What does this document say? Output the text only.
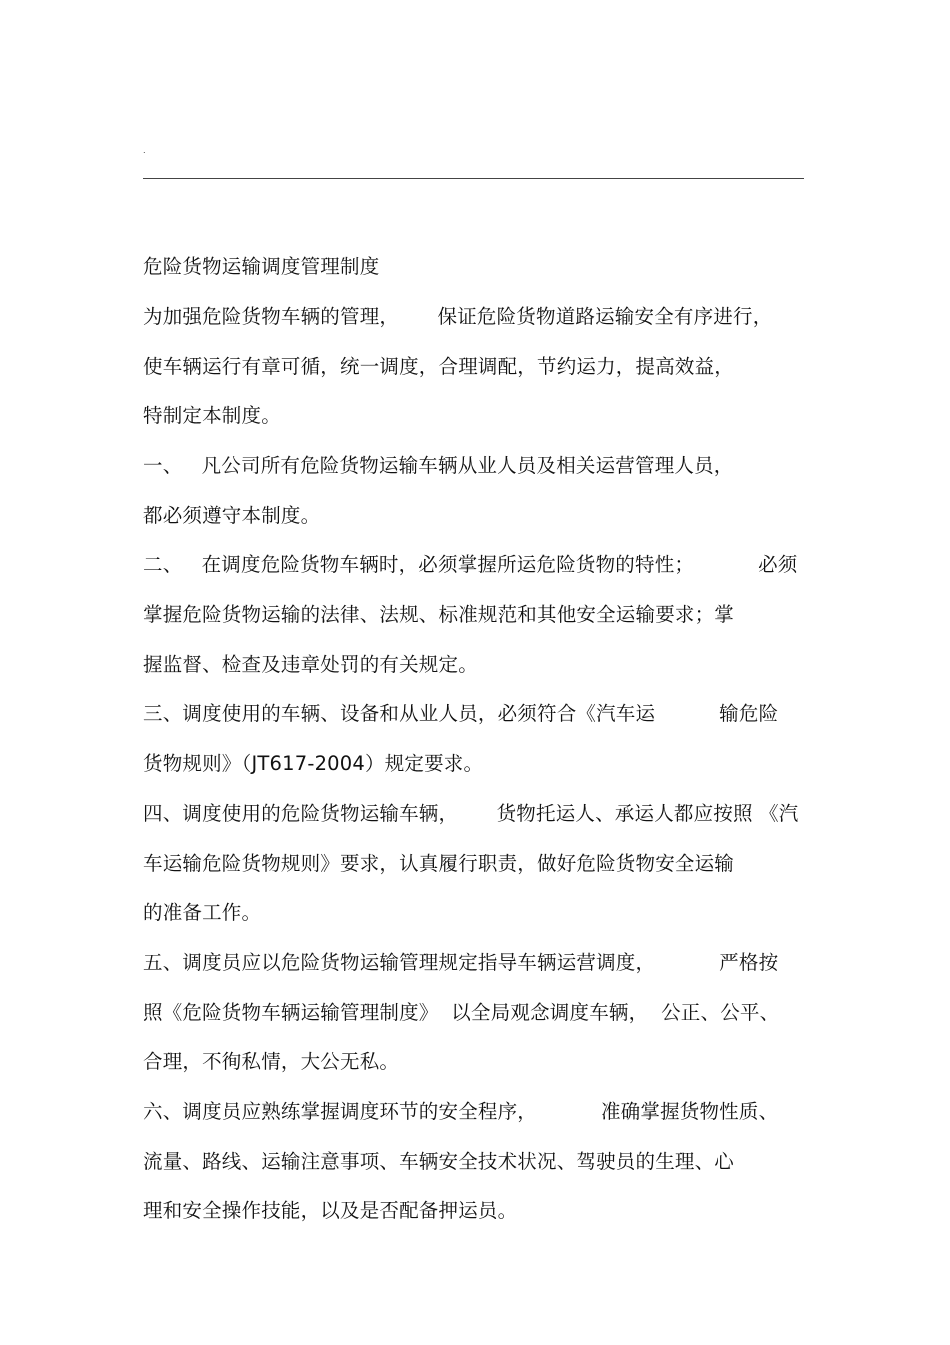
.
危险货物运输调度管理制度
为加强危险货物车辆的管理，      保证危险货物道路运输安全有序进行，
使车辆运行有章可循，统一调度，合理调配，节约运力，提高效益，
特制定本制度。
一、   凡公司所有危险货物运输车辆从业人员及相关运营管理人员，
都必须遵守本制度。
二、   在调度危险货物车辆时，必须掌握所运危险货物的特性；          必须
掌握危险货物运输的法律、法规、标准规范和其他安全运输要求；掌
握监督、检查及违章处罚的有关规定。
三、调度使用的车辆、设备和从业人员，必须符合《汽车运          输危险
货物规则》（JT617-2004）规定要求。
四、调度使用的危险货物运输车辆，      货物托运人、承运人都应按照 《汽
车运输危险货物规则》要求，认真履行职责，做好危险货物安全运输
的准备工作。
五、调度员应以危险货物运输管理规定指导车辆运营调度，          严格按
照《危险货物车辆运输管理制度》  以全局观念调度车辆，  公正、公平、
合理，不徇私情，大公无私。
六、调度员应熟练掌握调度环节的安全程序，          准确掌握货物性质、
流量、路线、运输注意事项、车辆安全技术状况、驾驶员的生理、心
理和安全操作技能，以及是否配备押运员。
